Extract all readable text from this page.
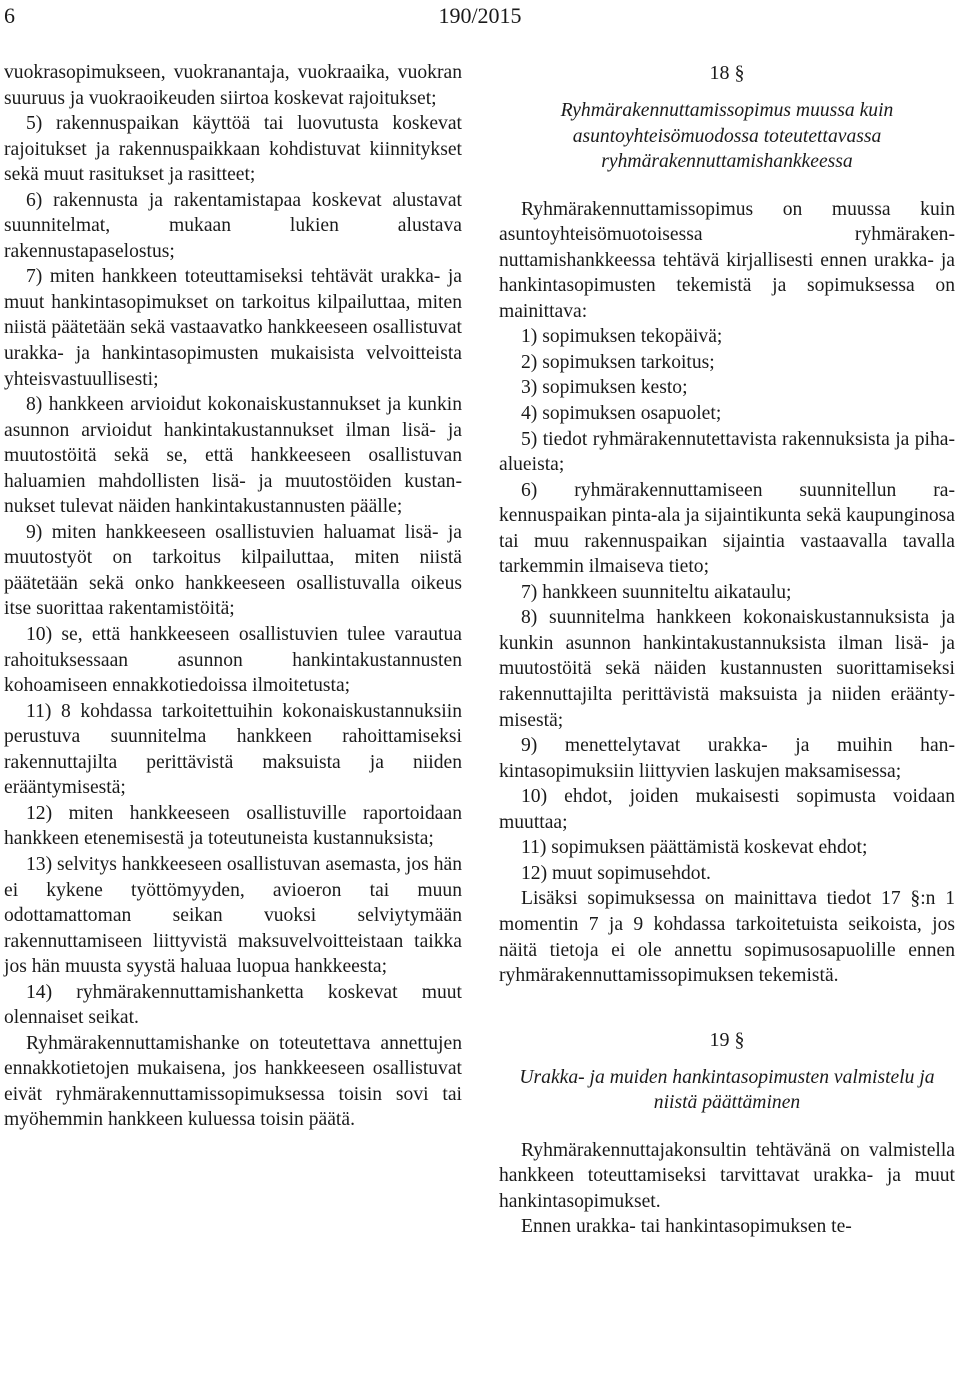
6	190/2015

vuokrasopimukseen, vuokranantaja, vuokraaika, vuokran suuruus ja vuokraoikeuden siirtoa koskevat rajoitukset;

5) rakennuspaikan käyttöä tai luovutusta koskevat rajoitukset ja rakennuspaikkaan kohdistuvat kiinnitykset sekä muut rasitukset ja rasitteet;

6) rakennusta ja rakentamistapaa koskevat alustavat suunnitelmat, mukaan lukien alustava rakennustapaselostus;

7) miten hankkeen toteuttamiseksi tehtävät urakka- ja muut hankintasopimukset on tarkoitus kilpailuttaa, miten niistä päätetään sekä vastaavatko hankkeeseen osallistuvat urakka- ja hankintasopimusten mukaisista velvoitteista yhteisvastuullisesti;

8) hankkeen arvioidut kokonaiskustannukset ja kunkin asunnon arvioidut hankintakustannukset ilman lisä- ja muutostöitä sekä se, että hankkeeseen osallistuvan haluamien mahdollisten lisä- ja muutostöiden kustannukset tulevat näiden hankintakustannusten päälle;

9) miten hankkeeseen osallistuvien haluamat lisä- ja muutostyöt on tarkoitus kilpailuttaa, miten niistä päätetään sekä onko hankkeeseen osallistuvalla oikeus itse suorittaa rakentamistöitä;

10) se, että hankkeeseen osallistuvien tulee varautua rahoituksessaan asunnon hankintakustannusten kohoamiseen ennakkotiedoissa ilmoitetusta;

11) 8 kohdassa tarkoitettuihin kokonaiskustannuksiin perustuva suunnitelma hankkeen rahoittamiseksi rakennuttajilta perittävistä maksuista ja niiden erääntymisestä;

12) miten hankkeeseen osallistuville raportoidaan hankkeen etenemisestä ja toteutuneista kustannuksista;

13) selvitys hankkeeseen osallistuvan asemasta, jos hän ei kykene työttömyyden, avioeron tai muun odottamattoman seikan vuoksi selviytymään rakennuttamiseen liittyvistä maksuvelvoitteistaan taikka jos hän muusta syystä haluaa luopua hankkeesta;

14) ryhmärakennuttamishanketta koskevat muut olennaiset seikat.

Ryhmärakennuttamishanke on toteutettava annettujen ennakkotietojen mukaisena, jos hankkeeseen osallistuvat eivät ryhmärakennuttamissopimuksessa toisin sovi tai myöhemmin hankkeen kuluessa toisin päätä.

18 §

Ryhmärakennuttamissopimus muussa kuin asuntoyhteisömuodossa toteutettavassa ryhmärakennuttamishankkeessa

Ryhmärakennuttamissopimus on muussa kuin asuntoyhteisömuotoisessa ryhmärakennuttamishankkeessa tehtävä kirjallisesti ennen urakka- ja hankintasopimusten tekemistä ja sopimuksessa on mainittava:

1) sopimuksen tekopäivä;

2) sopimuksen tarkoitus;

3) sopimuksen kesto;

4) sopimuksen osapuolet;

5) tiedot ryhmärakennutettavista rakennuksista ja piha-alueista;

6) ryhmärakennuttamiseen suunnitellun rakennuspaikan pinta-ala ja sijaintikunta sekä kaupunginosa tai muu rakennuspaikan sijaintia vastaavalla tavalla tarkemmin ilmaiseva tieto;

7) hankkeen suunniteltu aikataulu;

8) suunnitelma hankkeen kokonaiskustannuksista ja kunkin asunnon hankintakustannuksista ilman lisä- ja muutostöitä sekä näiden kustannusten suorittamiseksi rakennuttajilta perittävistä maksuista ja niiden erääntymisestä;

9) menettelytavat urakka- ja muihin hankintasopimuksiin liittyvien laskujen maksamisessa;

10) ehdot, joiden mukaisesti sopimusta voidaan muuttaa;

11) sopimuksen päättämistä koskevat ehdot;

12) muut sopimusehdot.

Lisäksi sopimuksessa on mainittava tiedot 17 §:n 1 momentin 7 ja 9 kohdassa tarkoitetuista seikoista, jos näitä tietoja ei ole annettu sopimusosapuolille ennen ryhmärakennuttamissopimuksen tekemistä.

19 §

Urakka- ja muiden hankintasopimusten valmistelu ja niistä päättäminen

Ryhmärakennuttajakonsultin tehtävänä on valmistella hankkeen toteuttamiseksi tarvittavat urakka- ja muut hankintasopimukset.

Ennen urakka- tai hankintasopimuksen te-
